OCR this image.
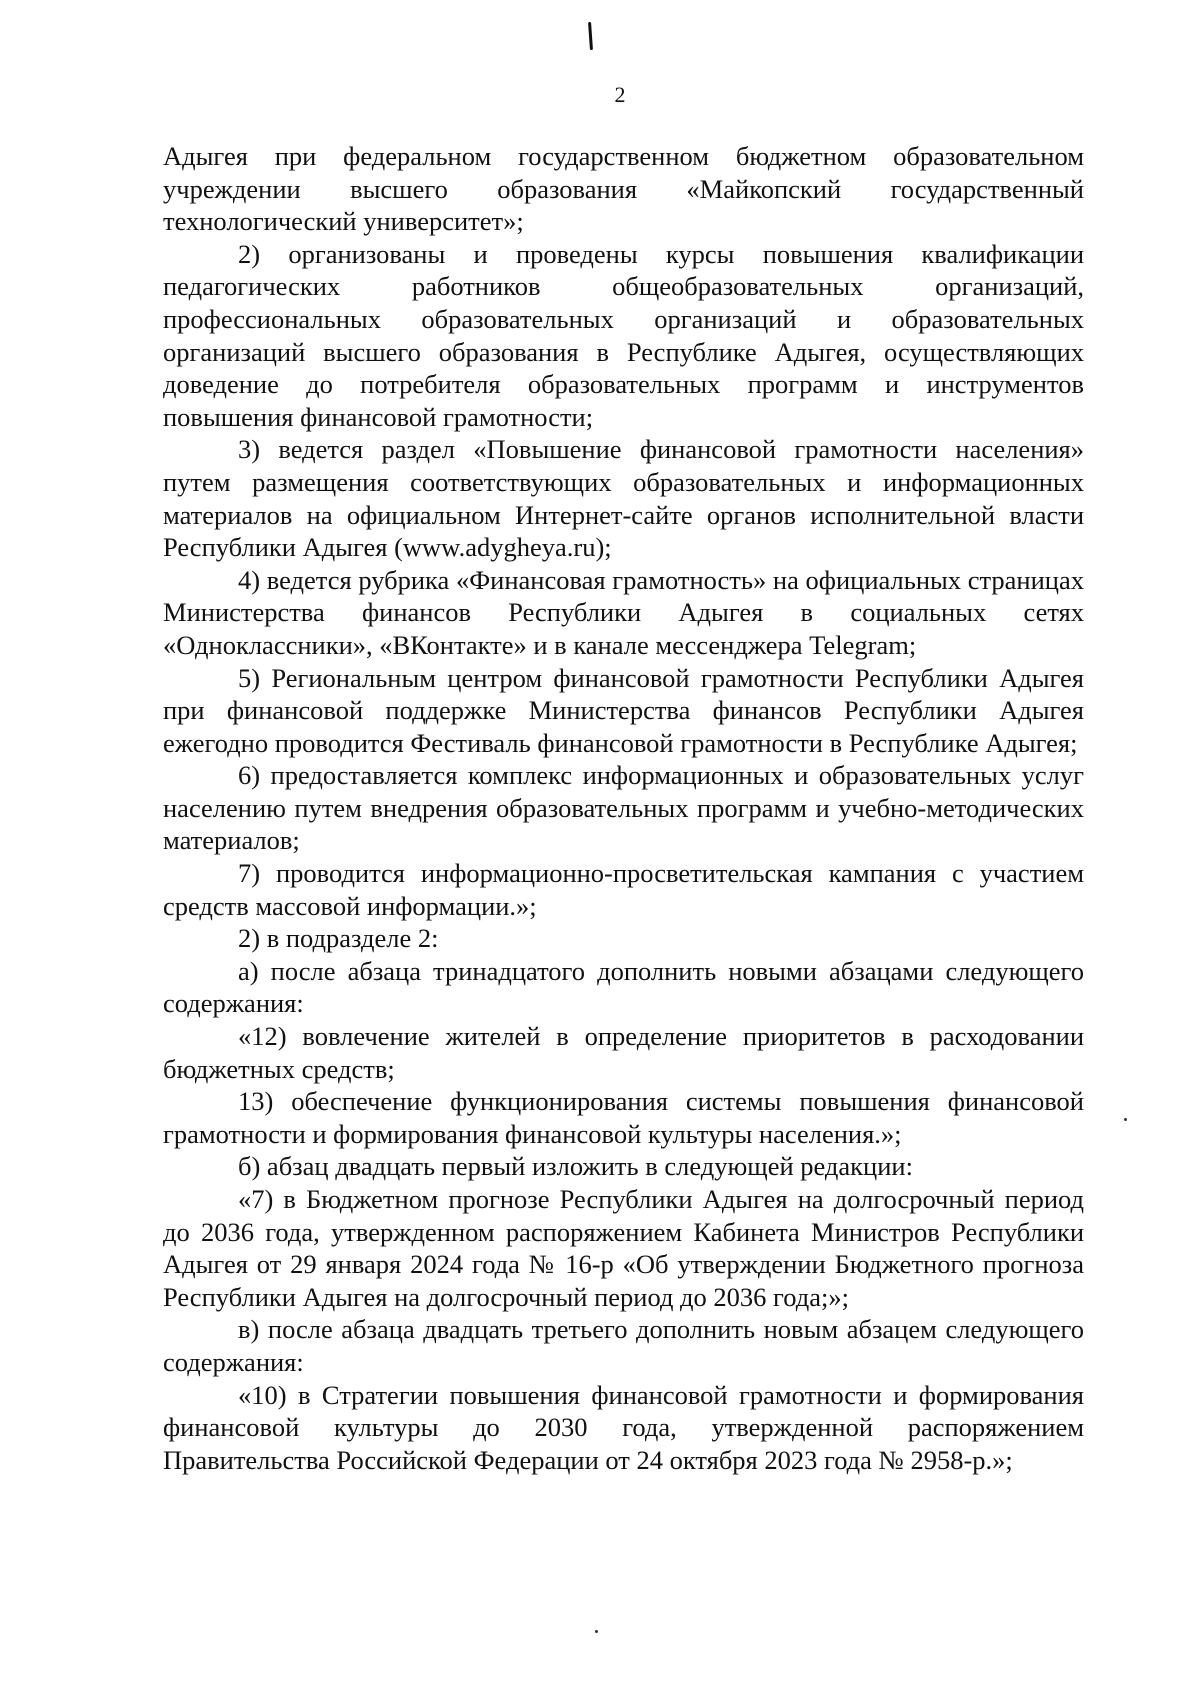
2

Адыгея при федеральном государственном бюджетном образовательном учреждении высшего образования «Майкопский государственный технологический университет»;

2) организованы и проведены курсы повышения квалификации педагогических работников общеобразовательных организаций, профессиональных образовательных организаций и образовательных организаций высшего образования в Республике Адыгея, осуществляющих доведение до потребителя образовательных программ и инструментов повышения финансовой грамотности;

3) ведется раздел «Повышение финансовой грамотности населения» путем размещения соответствующих образовательных и информационных материалов на официальном Интернет-сайте органов исполнительной власти Республики Адыгея (www.adygheya.ru);

4) ведется рубрика «Финансовая грамотность» на официальных страницах Министерства финансов Республики Адыгея в социальных сетях «Одноклассники», «ВКонтакте» и в канале мессенджера Telegram;

5) Региональным центром финансовой грамотности Республики Адыгея при финансовой поддержке Министерства финансов Республики Адыгея ежегодно проводится Фестиваль финансовой грамотности в Республике Адыгея;

6) предоставляется комплекс информационных и образовательных услуг населению путем внедрения образовательных программ и учебно-методических материалов;

7) проводится информационно-просветительская кампания с участием средств массовой информации.»;

2) в подразделе 2:

а) после абзаца тринадцатого дополнить новыми абзацами следующего содержания:

«12) вовлечение жителей в определение приоритетов в расходовании бюджетных средств;

13) обеспечение функционирования системы повышения финансовой грамотности и формирования финансовой культуры населения.»;

б) абзац двадцать первый изложить в следующей редакции:

«7) в Бюджетном прогнозе Республики Адыгея на долгосрочный период до 2036 года, утвержденном распоряжением Кабинета Министров Республики Адыгея от 29 января 2024 года № 16-р «Об утверждении Бюджетного прогноза Республики Адыгея на долгосрочный период до 2036 года;»;

в) после абзаца двадцать третьего дополнить новым абзацем следующего содержания:

«10) в Стратегии повышения финансовой грамотности и формирования финансовой культуры до 2030 года, утвержденной распоряжением Правительства Российской Федерации от 24 октября 2023 года № 2958-р.»;
